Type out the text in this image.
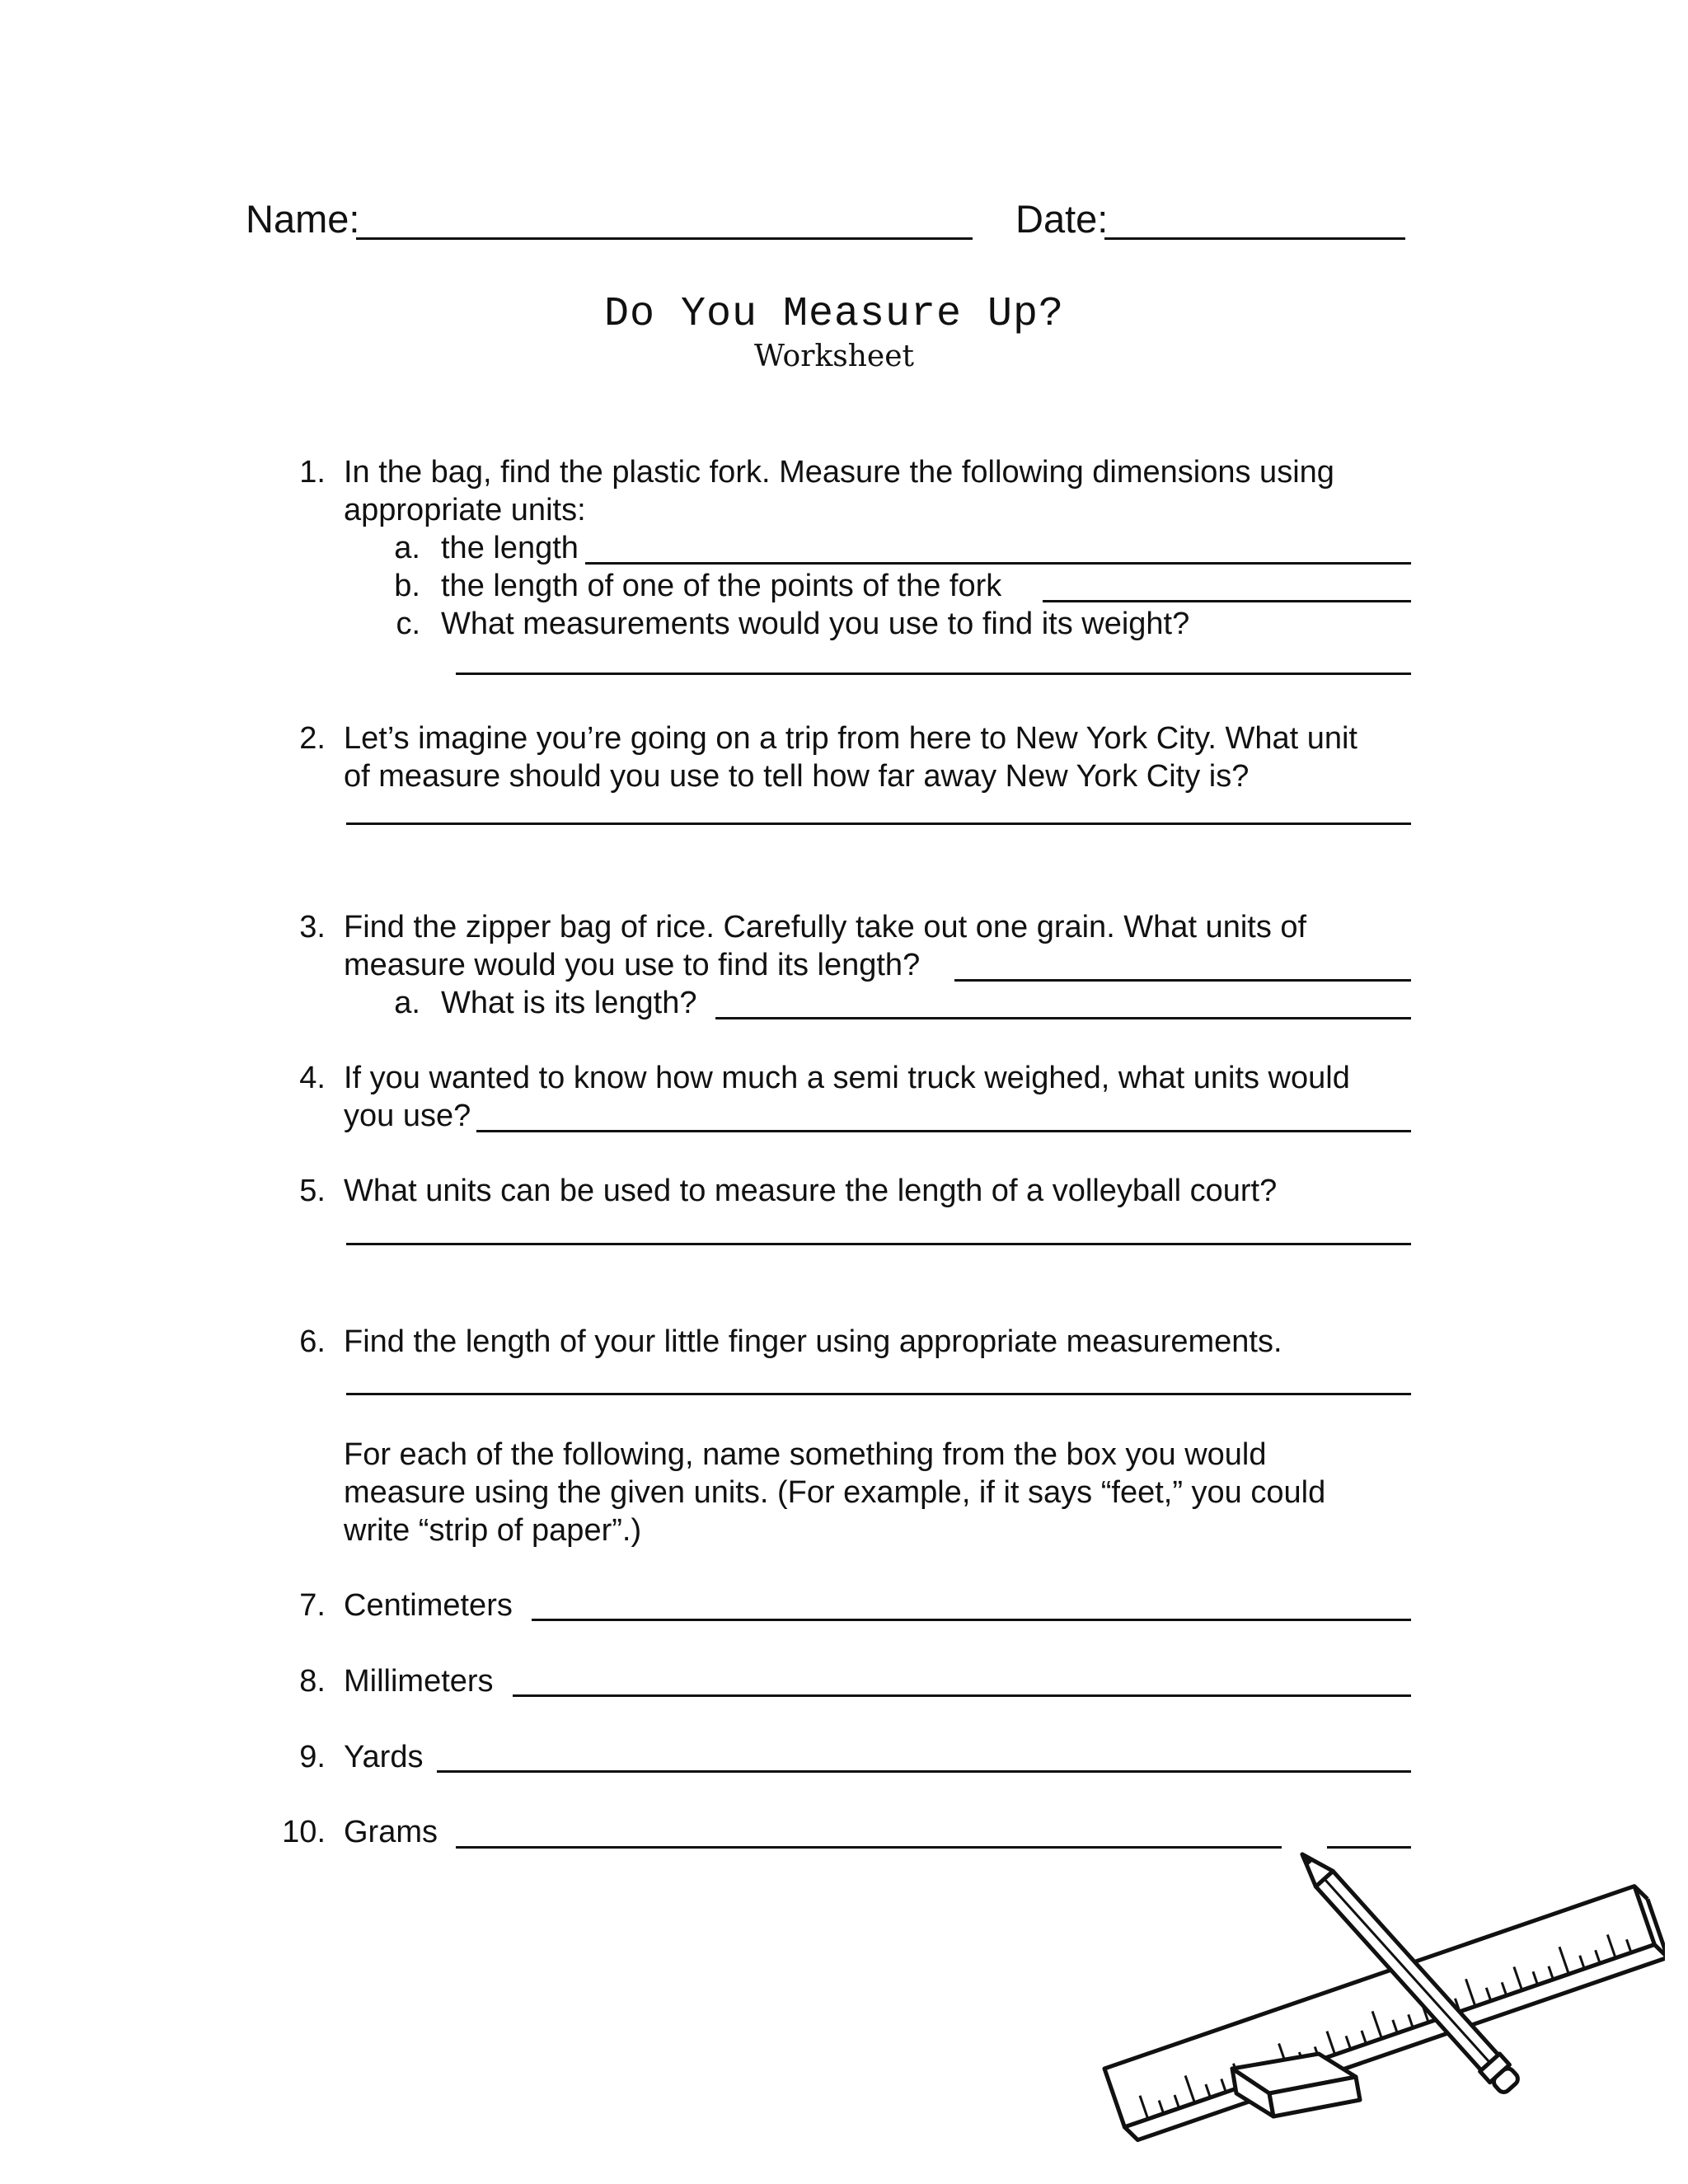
Name:	Date:
Do You Measure Up?
Worksheet
1. In the bag, find the plastic fork. Measure the following dimensions using
appropriate units:
a. the length
b. the length of one of the points of the fork
c. What measurements would you use to find its weight?
2. Let’s imagine you’re going on a trip from here to New York City. What unit
of measure should you use to tell how far away New York City is?
3. Find the zipper bag of rice. Carefully take out one grain. What units of
measure would you use to find its length?
a. What is its length?
4. If you wanted to know how much a semi truck weighed, what units would
you use?
5. What units can be used to measure the length of a volleyball court?
6. Find the length of your little finger using appropriate measurements.
For each of the following, name something from the box you would
measure using the given units. (For example, if it says “feet,” you could
write “strip of paper”.)
7. Centimeters
8. Millimeters
9. Yards
10. Grams
